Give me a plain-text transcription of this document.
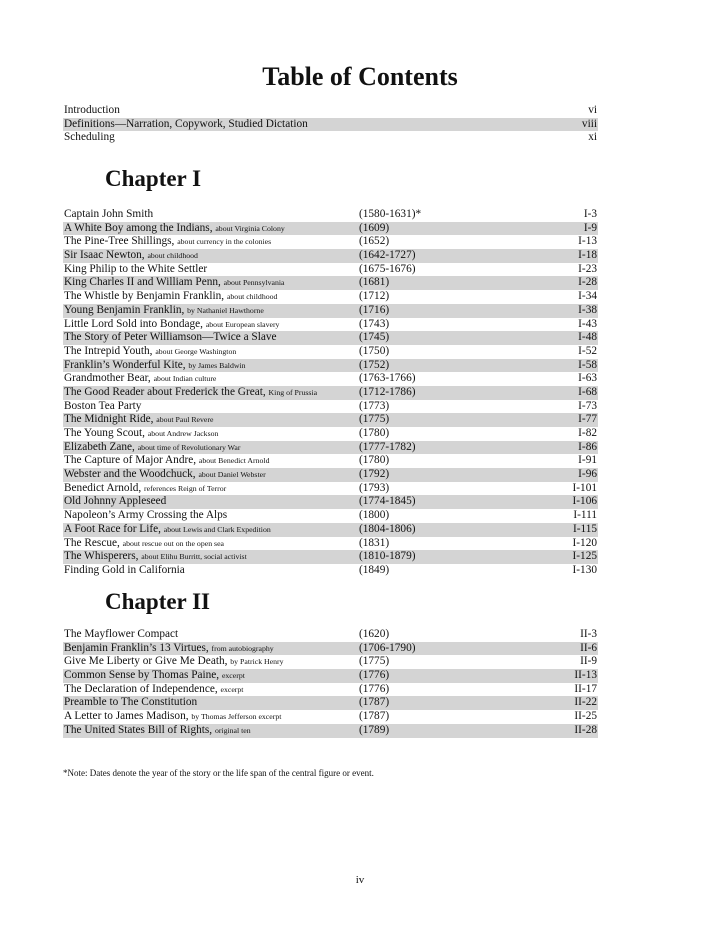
Table of Contents
Introduction	vi
Definitions—Narration, Copywork, Studied Dictation	viii
Scheduling	xi
Chapter I
Captain John Smith	(1580-1631)*	I-3
A White Boy among the Indians, about Virginia Colony	(1609)	I-9
The Pine-Tree Shillings, about currency in the colonies	(1652)	I-13
Sir Isaac Newton, about childhood	(1642-1727)	I-18
King Philip to the White Settler	(1675-1676)	I-23
King Charles II and William Penn, about Pennsylvania	(1681)	I-28
The Whistle by Benjamin Franklin, about childhood	(1712)	I-34
Young Benjamin Franklin, by Nathaniel Hawthorne	(1716)	I-38
Little Lord Sold into Bondage, about European slavery	(1743)	I-43
The Story of Peter Williamson—Twice a Slave	(1745)	I-48
The Intrepid Youth, about George Washington	(1750)	I-52
Franklin’s Wonderful Kite, by James Baldwin	(1752)	I-58
Grandmother Bear, about Indian culture	(1763-1766)	I-63
The Good Reader about Frederick the Great, King of Prussia	(1712-1786)	I-68
Boston Tea Party	(1773)	I-73
The Midnight Ride, about Paul Revere	(1775)	I-77
The Young Scout, about Andrew Jackson	(1780)	I-82
Elizabeth Zane, about time of Revolutionary War	(1777-1782)	I-86
The Capture of Major Andre, about Benedict Arnold	(1780)	I-91
Webster and the Woodchuck, about Daniel Webster	(1792)	I-96
Benedict Arnold, references Reign of Terror	(1793)	I-101
Old Johnny Appleseed	(1774-1845)	I-106
Napoleon’s Army Crossing the Alps	(1800)	I-111
A Foot Race for Life, about Lewis and Clark Expedition	(1804-1806)	I-115
The Rescue, about rescue out on the open sea	(1831)	I-120
The Whisperers, about Elihu Burritt, social activist	(1810-1879)	I-125
Finding Gold in California	(1849)	I-130
Chapter II
The Mayflower Compact	(1620)	II-3
Benjamin Franklin’s 13 Virtues, from autobiography	(1706-1790)	II-6
Give Me Liberty or Give Me Death, by Patrick Henry	(1775)	II-9
Common Sense by Thomas Paine, excerpt	(1776)	II-13
The Declaration of Independence, excerpt	(1776)	II-17
Preamble to The Constitution	(1787)	II-22
A Letter to James Madison, by Thomas Jefferson excerpt	(1787)	II-25
The United States Bill of Rights, original ten	(1789)	II-28
*Note: Dates denote the year of the story or the life span of the central figure or event.
iv
